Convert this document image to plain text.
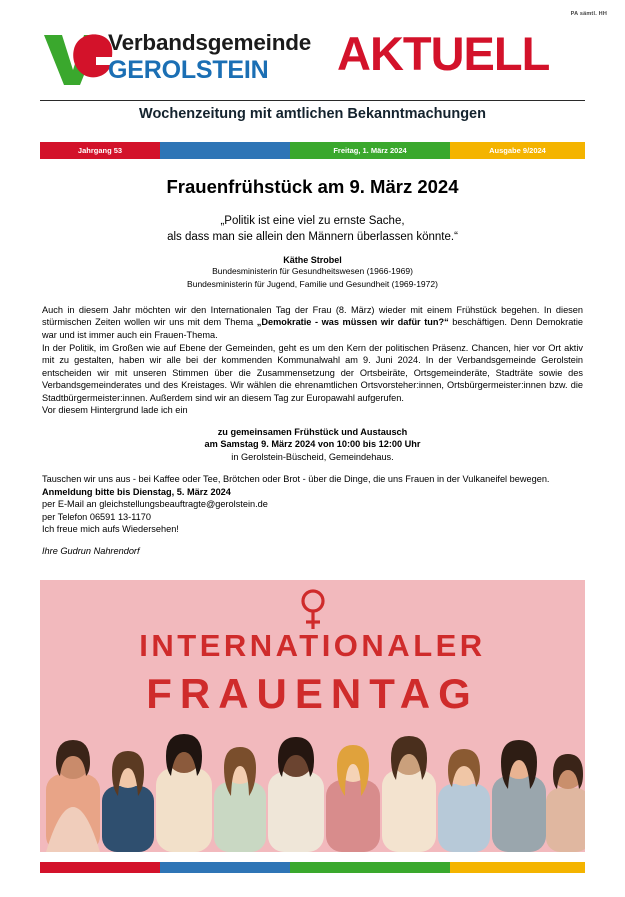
PA sämtl. HH
Verbandsgemeinde
GEROLSTEIN	AKTUELL
Wochenzeitung mit amtlichen Bekanntmachungen
Jahrgang 53	Freitag, 1. März 2024	Ausgabe 9/2024
Frauenfrühstück am 9. März 2024
„Politik ist eine viel zu ernste Sache,
als dass man sie allein den Männern überlassen könnte.“
Käthe Strobel
Bundesministerin für Gesundheitswesen (1966-1969)
Bundesministerin für Jugend, Familie und Gesundheit (1969-1972)

Auch in diesem Jahr möchten wir den Internationalen Tag der Frau (8. März) wieder mit einem Frühstück begehen. In diesen stürmischen Zeiten wollen wir uns mit dem Thema „Demokratie - was müssen wir dafür tun?“ beschäftigen. Denn Demokratie war und ist immer auch ein Frauen-Thema.

In der Politik, im Großen wie auf Ebene der Gemeinden, geht es um den Kern der politischen Präsenz. Chancen, hier vor Ort aktiv mit zu gestalten, haben wir alle bei der kommenden Kommunalwahl am 9. Juni 2024. In der Verbandsgemeinde Gerolstein entscheiden wir mit unseren Stimmen über die Zusammensetzung der Ortsbeiräte, Ortsgemeinderäte, Stadträte sowie des Verbandsgemeinderates und des Kreistages. Wir wählen die ehrenamtlichen Ortsvorsteher:innen, Ortsbürgermeister:innen bzw. die Stadtbürgermeister:innen. Außerdem sind wir an diesem Tag zur Europawahl aufgerufen.

Vor diesem Hintergrund lade ich ein

zu gemeinsamen Frühstück und Austausch
am Samstag 9. März 2024 von 10:00 bis 12:00 Uhr
in Gerolstein-Büscheid, Gemeindehaus.

Tauschen wir uns aus - bei Kaffee oder Tee, Brötchen oder Brot - über die Dinge, die uns Frauen in der Vulkaneifel bewegen.

Anmeldung bitte bis Dienstag, 5. März 2024

per E-Mail an gleichstellungsbeauftragte@gerolstein.de

per Telefon 06591 13-1170

Ich freue mich aufs Wiedersehen!

Ihre Gudrun Nahrendorf
INTERNATIONALER
FRAUENTAG
